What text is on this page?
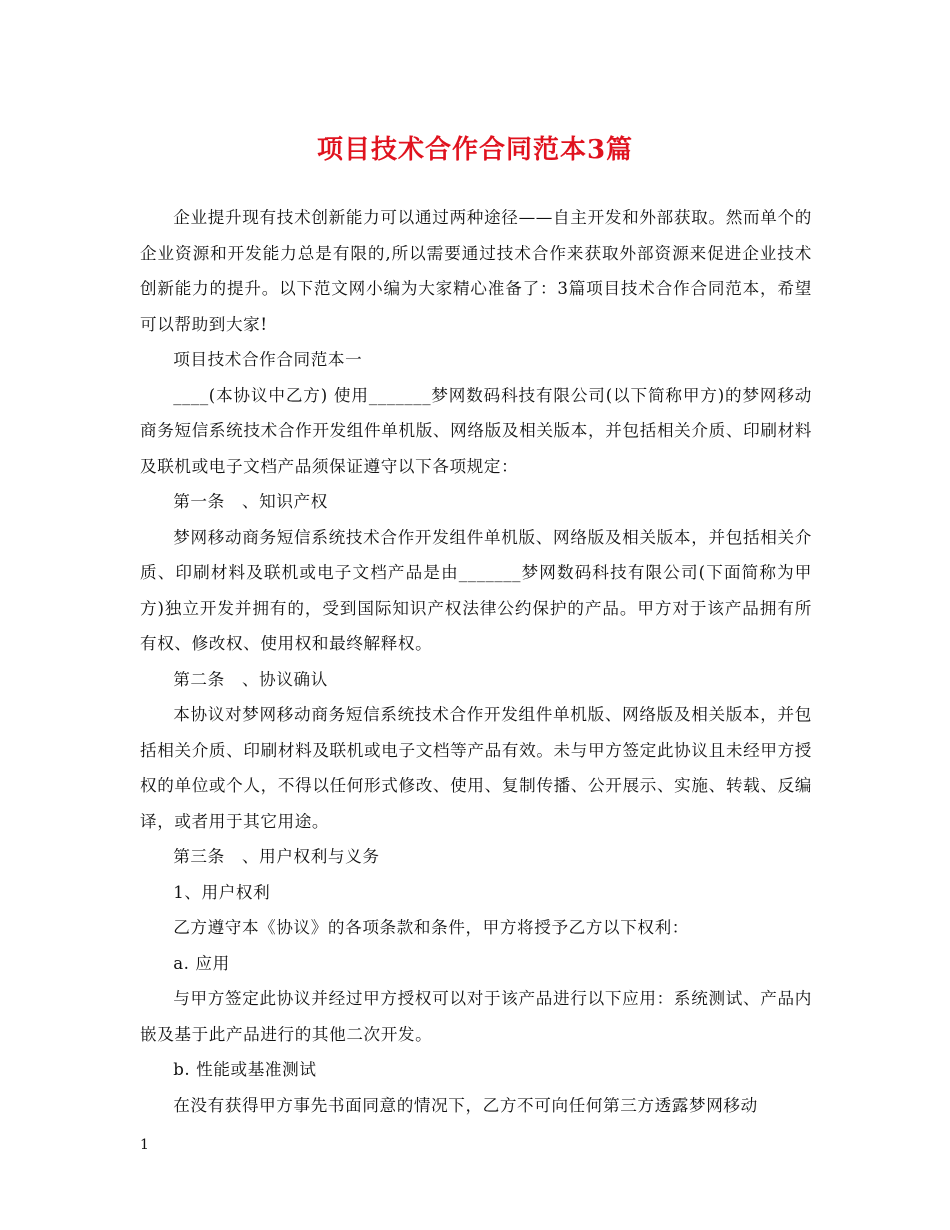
项目技术合作合同范本3篇

企业提升现有技术创新能力可以通过两种途径——自主开发和外部获取。然而单个的企业资源和开发能力总是有限的,所以需要通过技术合作来获取外部资源来促进企业技术创新能力的提升。以下范文网小编为大家精心准备了：3篇项目技术合作合同范本，希望可以帮助到大家!

项目技术合作合同范本一

____(本协议中乙方) 使用_______梦网数码科技有限公司(以下简称甲方)的梦网移动商务短信系统技术合作开发组件单机版、网络版及相关版本，并包括相关介质、印刷材料及联机或电子文档产品须保证遵守以下各项规定：

第一条　、知识产权

梦网移动商务短信系统技术合作开发组件单机版、网络版及相关版本，并包括相关介质、印刷材料及联机或电子文档产品是由_______梦网数码科技有限公司(下面简称为甲方)独立开发并拥有的，受到国际知识产权法律公约保护的产品。甲方对于该产品拥有所有权、修改权、使用权和最终解释权。

第二条　、协议确认

本协议对梦网移动商务短信系统技术合作开发组件单机版、网络版及相关版本，并包括相关介质、印刷材料及联机或电子文档等产品有效。未与甲方签定此协议且未经甲方授权的单位或个人，不得以任何形式修改、使用、复制传播、公开展示、实施、转载、反编译，或者用于其它用途。

第三条　、用户权利与义务

1、用户权利

乙方遵守本《协议》的各项条款和条件，甲方将授予乙方以下权利：

a. 应用

与甲方签定此协议并经过甲方授权可以对于该产品进行以下应用：系统测试、产品内嵌及基于此产品进行的其他二次开发。

b. 性能或基准测试

在没有获得甲方事先书面同意的情况下，乙方不可向任何第三方透露梦网移动

1
